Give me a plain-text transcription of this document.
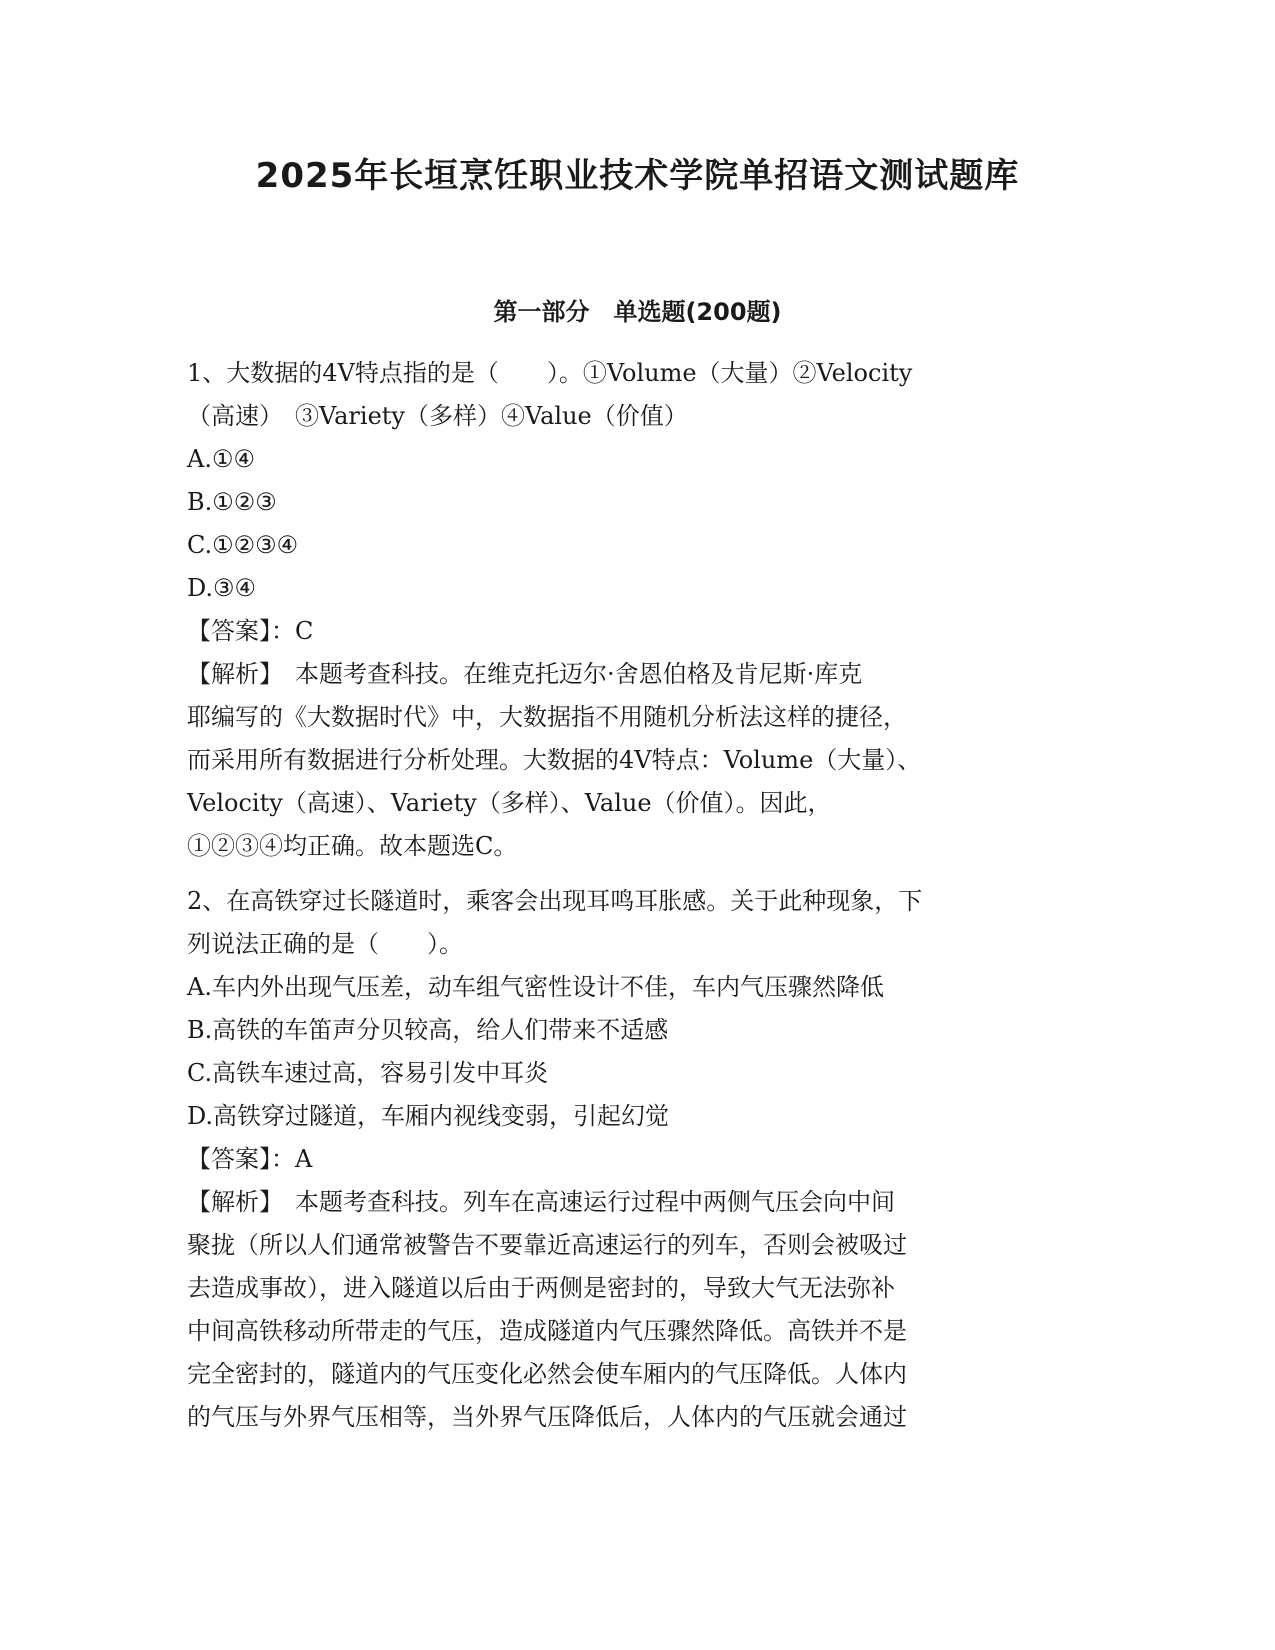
2025年长垣烹饪职业技术学院单招语文测试题库
第一部分　单选题(200题)
1、大数据的4V特点指的是（　　）。①Volume（大量）②Velocity
（高速）　③Variety（多样）④Value（价值）
A.①④
B.①②③
C.①②③④
D.③④
【答案】：C
【解析】　本题考查科技。在维克托迈尔·舍恩伯格及肯尼斯·库克
耶编写的《大数据时代》中，大数据指不用随机分析法这样的捷径，
而采用所有数据进行分析处理。大数据的4V特点：Volume（大量）、
Velocity（高速）、Variety（多样）、Value（价值）。因此，
①②③④均正确。故本题选C。
2、在高铁穿过长隧道时，乘客会出现耳鸣耳胀感。关于此种现象，下
列说法正确的是（　　）。
A.车内外出现气压差，动车组气密性设计不佳，车内气压骤然降低
B.高铁的车笛声分贝较高，给人们带来不适感
C.高铁车速过高，容易引发中耳炎
D.高铁穿过隧道，车厢内视线变弱，引起幻觉
【答案】：A
【解析】　本题考查科技。列车在高速运行过程中两侧气压会向中间
聚拢（所以人们通常被警告不要靠近高速运行的列车，否则会被吸过
去造成事故），进入隧道以后由于两侧是密封的，导致大气无法弥补
中间高铁移动所带走的气压，造成隧道内气压骤然降低。高铁并不是
完全密封的，隧道内的气压变化必然会使车厢内的气压降低。人体内
的气压与外界气压相等，当外界气压降低后，人体内的气压就会通过
